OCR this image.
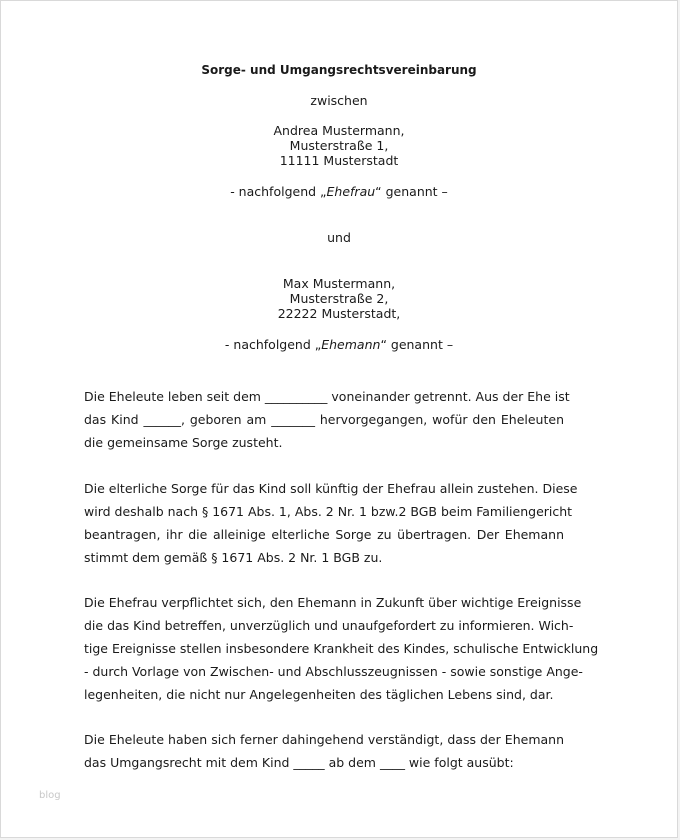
Sorge- und Umgangsrechtsvereinbarung
zwischen
Andrea Mustermann,
Musterstraße 1,
11111 Musterstadt
- nachfolgend „Ehefrau“ genannt –
und
Max Mustermann,
Musterstraße 2,
22222 Musterstadt,
- nachfolgend „Ehemann“ genannt –
Die Eheleute leben seit dem __________ voneinander getrennt. Aus der Ehe ist
das Kind ______, geboren am _______ hervorgegangen, wofür den Eheleuten
die gemeinsame Sorge zusteht.
Die elterliche Sorge für das Kind soll künftig der Ehefrau allein zustehen. Diese
wird deshalb nach § 1671 Abs. 1, Abs. 2 Nr. 1 bzw.2 BGB beim Familiengericht
beantragen, ihr die alleinige elterliche Sorge zu übertragen. Der Ehemann
stimmt dem gemäß § 1671 Abs. 2 Nr. 1 BGB zu.
Die Ehefrau verpflichtet sich, den Ehemann in Zukunft über wichtige Ereignisse
die das Kind betreffen, unverzüglich und unaufgefordert zu informieren. Wich-
tige Ereignisse stellen insbesondere Krankheit des Kindes, schulische Entwicklung
- durch Vorlage von Zwischen- und Abschlusszeugnissen - sowie sonstige Ange-
legenheiten, die nicht nur Angelegenheiten des täglichen Lebens sind, dar.
Die Eheleute haben sich ferner dahingehend verständigt, dass der Ehemann
das Umgangsrecht mit dem Kind _____ ab dem ____ wie folgt ausübt:
blog
